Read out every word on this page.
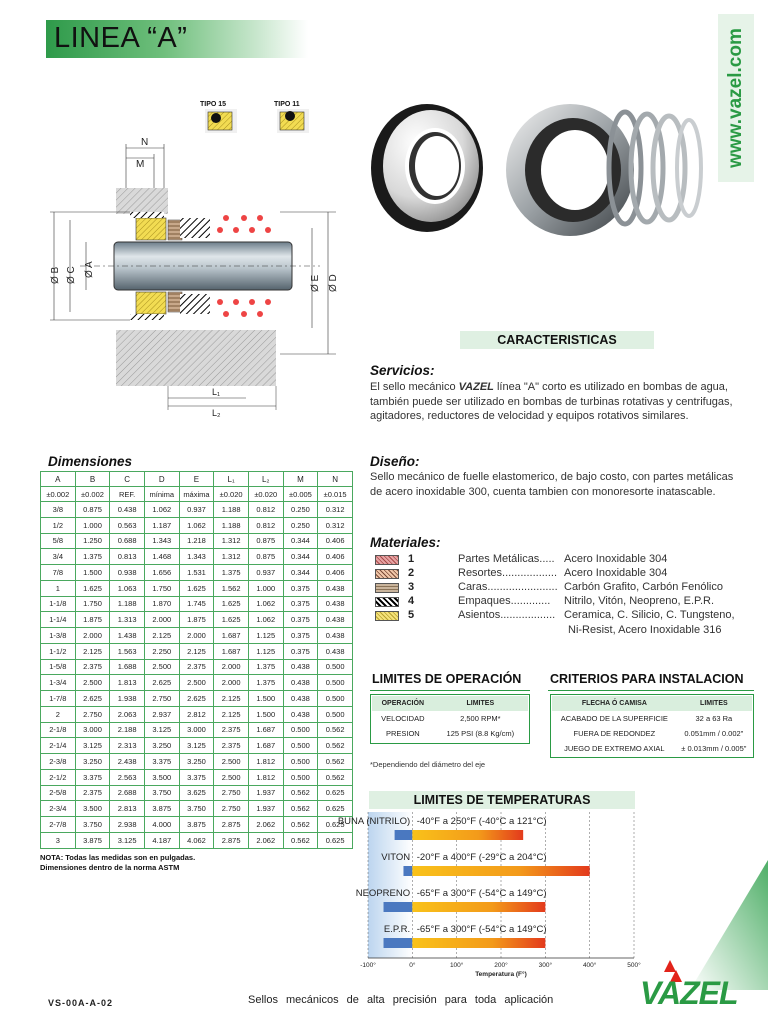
LINEA “A”	www.vazel.com
TIPO 15	TIPO 11
N
M
Ø B Ø C Ø A
Ø E Ø D
L₁
L₂
CARACTERISTICAS
Servicios:
El sello mecánico VAZEL línea "A" corto es utilizado en bombas de agua, también puede ser utilizado en bombas de turbinas rotativas y centrifugas, agitadores, reductores de velocidad y equipos rotativos similares.
Diseño:
Sello mecánico de fuelle elastomerico, de bajo costo, con partes metálicas de acero inoxidable 300, cuenta tambien con monoresorte inatascable.
Materiales:
1	Partes Metálicas..... Acero Inoxidable 304
2	Resortes.................. Acero Inoxidable 304
3	Caras....................... Carbón Grafito, Carbón Fenólico
4	Empaques............. Nitrilo, Vitón, Neopreno, E.P.R.
5	Asientos.................. Ceramica, C. Silicio, C. Tungsteno,
Ni-Resist, Acero Inoxidable 316
Dimensiones
A	B	C	D	E	L₁	L₂	M	N
±0.002	±0.002	REF.	mínima	máxima	±0.020	±0.020	±0.005	±0.015
3/8	0.875	0.438	1.062	0.937	1.188	0.812	0.250	0.312
1/2	1.000	0.563	1.187	1.062	1.188	0.812	0.250	0.312
5/8	1.250	0.688	1.343	1.218	1.312	0.875	0.344	0.406
3/4	1.375	0.813	1.468	1.343	1.312	0.875	0.344	0.406
7/8	1.500	0.938	1.656	1.531	1.375	0.937	0.344	0.406
1	1.625	1.063	1.750	1.625	1.562	1.000	0.375	0.438
1-1/8	1.750	1.188	1.870	1.745	1.625	1.062	0.375	0.438
1-1/4	1.875	1.313	2.000	1.875	1.625	1.062	0.375	0.438
1-3/8	2.000	1.438	2.125	2.000	1.687	1.125	0.375	0.438
1-1/2	2.125	1.563	2.250	2.125	1.687	1.125	0.375	0.438
1-5/8	2.375	1.688	2.500	2.375	2.000	1.375	0.438	0.500
1-3/4	2.500	1.813	2.625	2.500	2.000	1.375	0.438	0.500
1-7/8	2.625	1.938	2.750	2.625	2.125	1.500	0.438	0.500
2	2.750	2.063	2.937	2.812	2.125	1.500	0.438	0.500
2-1/8	3.000	2.188	3.125	3.000	2.375	1.687	0.500	0.562
2-1/4	3.125	2.313	3.250	3.125	2.375	1.687	0.500	0.562
2-3/8	3.250	2.438	3.375	3.250	2.500	1.812	0.500	0.562
2-1/2	3.375	2.563	3.500	3.375	2.500	1.812	0.500	0.562
2-5/8	2.375	2.688	3.750	3.625	2.750	1.937	0.562	0.625
2-3/4	3.500	2.813	3.875	3.750	2.750	1.937	0.562	0.625
2-7/8	3.750	2.938	4.000	3.875	2.875	2.062	0.562	0.625
3	3.875	3.125	4.187	4.062	2.875	2.062	0.562	0.625
NOTA: Todas las medidas son en pulgadas.
Dimensiones dentro de la norma ASTM
LIMITES DE OPERACIÓN
OPERACIÓN	LIMITES
VELOCIDAD	2,500 RPM*
PRESION	125 PSI (8.8 Kg/cm)
*Dependiendo del diámetro del eje
CRITERIOS PARA INSTALACION
FLECHA Ó CAMISA	LIMITES
ACABADO DE LA SUPERFICIE	32 a 63 Ra
FUERA DE REDONDEZ	0.051mm / 0.002"
JUEGO DE EXTREMO AXIAL	± 0.013mm / 0.005"
LIMITES DE TEMPERATURAS
BUNA (NITRILO) -40°F a 250°F (-40°C a 121°C)
VITON -20°F a 400°F (-29°C a 204°C)
NEOPRENO -65°F a 300°F (-54°C a 149°C)
E.P.R. -65°F a 300°F (-54°C a 149°C)
-100°	0°	100°	200°	300°	400°	500°
Temperatura (F°)
VS-00A-A-02	Sellos mecánicos de alta precisión para toda aplicación	VAZEL
